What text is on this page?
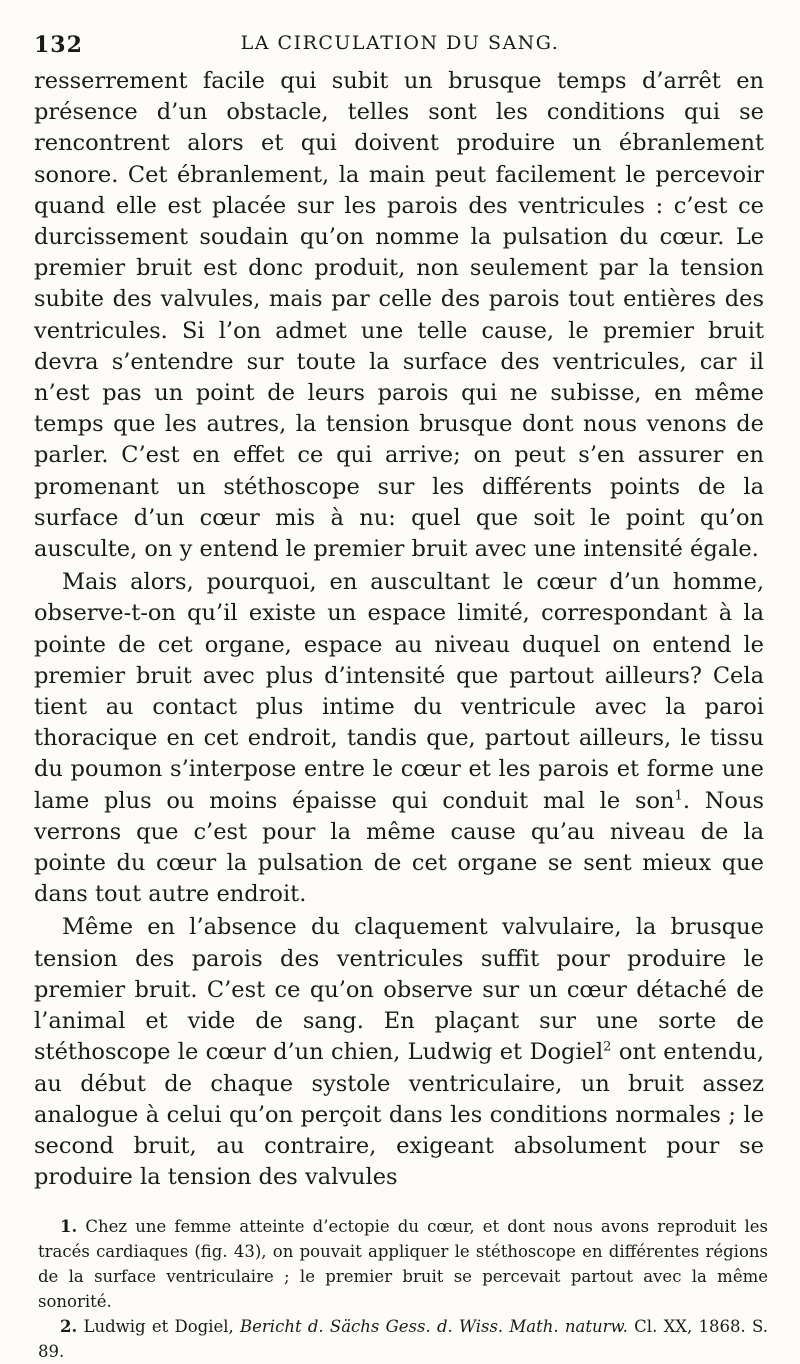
132	LA CIRCULATION DU SANG.

resserrement facile qui subit un brusque temps d’arrêt en présence d’un obstacle, telles sont les conditions qui se rencontrent alors et qui doivent produire un ébranlement sonore. Cet ébranlement, la main peut facilement le percevoir quand elle est placée sur les parois des ventricules : c’est ce durcissement soudain qu’on nomme la pulsation du cœur. Le premier bruit est donc produit, non seulement par la tension subite des valvules, mais par celle des parois tout entières des ventricules. Si l’on admet une telle cause, le premier bruit devra s’entendre sur toute la surface des ventricules, car il n’est pas un point de leurs parois qui ne subisse, en même temps que les autres, la tension brusque dont nous venons de parler. C’est en effet ce qui arrive; on peut s’en assurer en promenant un stéthoscope sur les différents points de la surface d’un cœur mis à nu: quel que soit le point qu’on ausculte, on y entend le premier bruit avec une intensité égale.

Mais alors, pourquoi, en auscultant le cœur d’un homme, observe-t-on qu’il existe un espace limité, correspondant à la pointe de cet organe, espace au niveau duquel on entend le premier bruit avec plus d’intensité que partout ailleurs? Cela tient au contact plus intime du ventricule avec la paroi thoracique en cet endroit, tandis que, partout ailleurs, le tissu du poumon s’interpose entre le cœur et les parois et forme une lame plus ou moins épaisse qui conduit mal le son$^1$. Nous verrons que c’est pour la même cause qu’au niveau de la pointe du cœur la pulsation de cet organe se sent mieux que dans tout autre endroit.

Même en l’absence du claquement valvulaire, la brusque tension des parois des ventricules suffit pour produire le premier bruit. C’est ce qu’on observe sur un cœur détaché de l’animal et vide de sang. En plaçant sur une sorte de stéthoscope le cœur d’un chien, Ludwig et Dogiel$^2$ ont entendu, au début de chaque systole ventriculaire, un bruit assez analogue à celui qu’on perçoit dans les conditions normales ; le second bruit, au contraire, exigeant absolument pour se produire la tension des valvules

1. Chez une femme atteinte d’ectopie du cœur, et dont nous avons reproduit les tracés cardiaques (fig. 43), on pouvait appliquer le stéthoscope en différentes régions de la surface ventriculaire ; le premier bruit se percevait partout avec la même sonorité.

2. Ludwig et Dogiel, Bericht d. Sächs Gess. d. Wiss. Math. naturw. Cl. XX, 1868. S. 89.
